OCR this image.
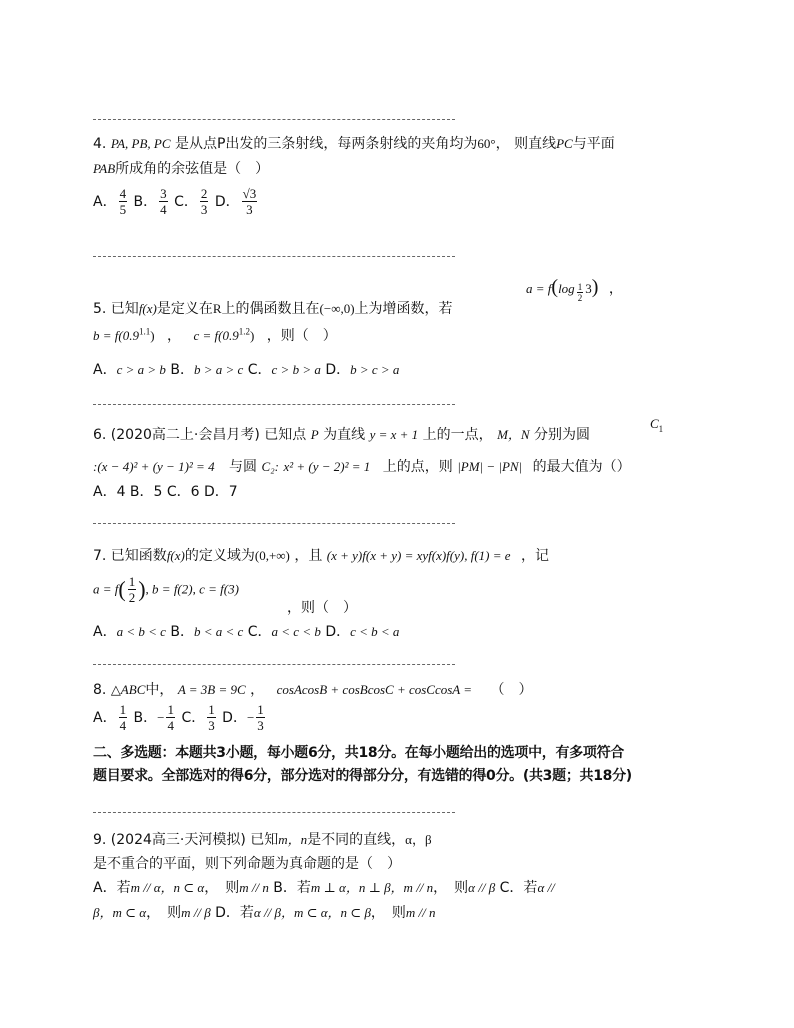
4. PA, PB, PC 是从点P出发的三条射线，每两条射线的夹角均为60°， 则直线PC与平面
PAB所成角的余弦值是（　）
A． $\frac{4}{5}$ B． $\frac{3}{4}$ C． $\frac{2}{3}$ D． $\frac{√3}{3}$
5. 已知f(x)是定义在R上的偶函数且在(−∞,0)上为增函数，若
$a = f(\log \frac{1}{2} 3)$ ，
$b = f(0.9^{1.1})$ ， $c = f(0.9^{1.2})$ ，则（　）
A．c > a > b B．b > a > c C．c > b > a D．b > c > a
6. (2020高二上·会昌月考) 已知点 P 为直线 y = x + 1 上的一点， M，N 分别为圆
$C_1$
:(x − 4)² + (y − 1)² = 4 与圆 C₂: x² + (y − 2)² = 1 上的点，则 |PM| − |PN| 的最大值为（）
A．4 B．5 C．6 D．7
7. 已知函数f(x)的定义域为(0,+∞) ，且 (x + y)f(x + y) = xyf(x)f(y), f(1) = e ，记
$a = f( \frac{1}{2}$ ), b = f(2), c = f(3)
，则（　）
A．a < b < c B．b < a < c C．a < c < b D．c < b < a
8. △ABC中， A = 3B = 9C ， cosAcosB + cosBcosC + cosCcosA = （　）
A． $\frac{1}{4}$ B．− $\frac{1}{4}$ C． $\frac{1}{3}$ D．− $\frac{1}{3}$
二、多选题：本题共3小题，每小题6分，共18分。在每小题给出的选项中，有多项符合
题目要求。全部选对的得6分，部分选对的得部分分，有选错的得0分。(共3题；共18分)
9. (2024高三·天河模拟) 已知m，n是不同的直线，α，β
是不重合的平面，则下列命题为真命题的是（　）
A．若m // α，n ⊂ α，　则m // n B．若m ⊥ α，n ⊥ β，m // n，　则α // β C．若α //
β，m ⊂ α，　则m // β D．若α // β，m ⊂ α，n ⊂ β，　则m // n
